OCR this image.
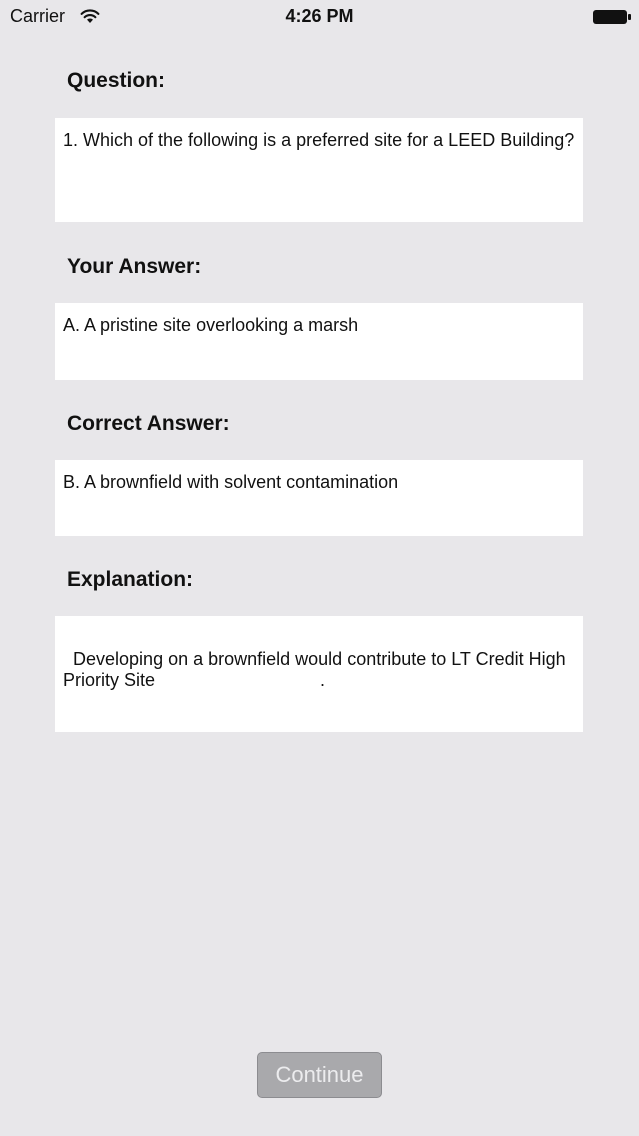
Carrier	4:26 PM
Question:
1. Which of the following is a preferred site for a LEED Building?
Your Answer:
A. A pristine site overlooking a marsh
Correct Answer:
B. A brownfield with solvent contamination
Explanation:

Developing on a brownfield would contribute to LT Credit High Priority Site                                 .

Continue
